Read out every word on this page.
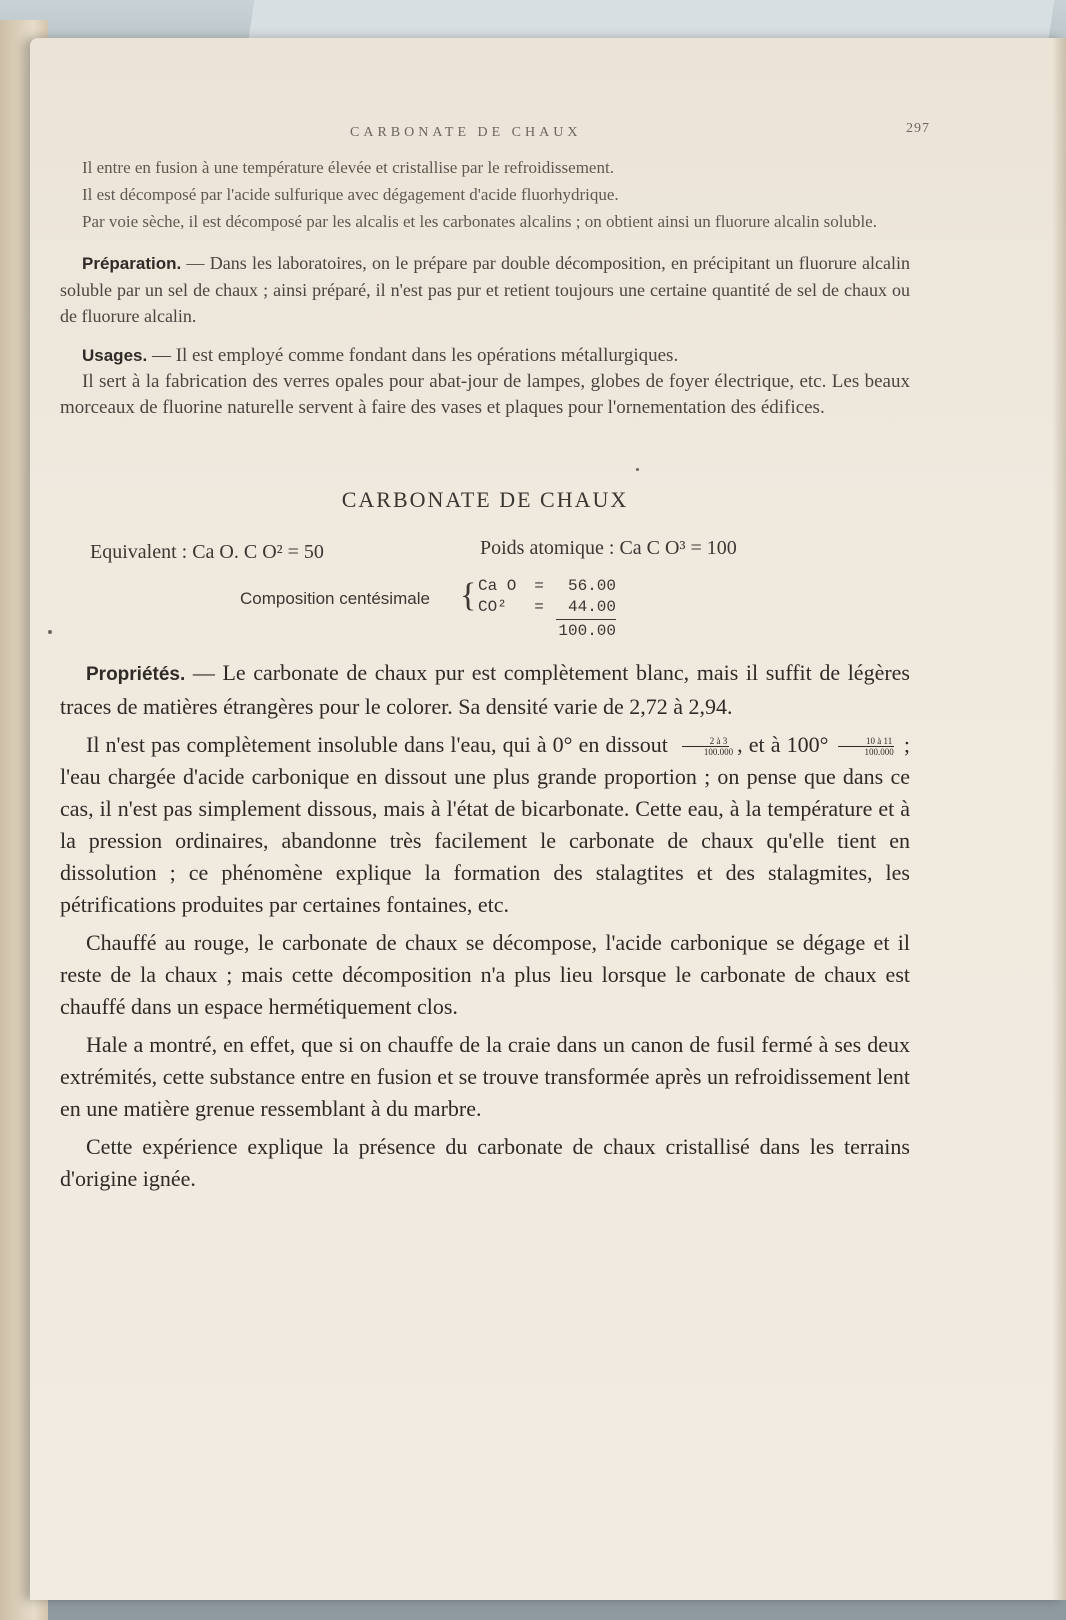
CARBONATE DE CHAUX	297

Il entre en fusion à une température élevée et cristallise par le refroidissement.

Il est décomposé par l'acide sulfurique avec dégagement d'acide fluorhydrique.

Par voie sèche, il est décomposé par les alcalis et les carbonates alcalins ; on obtient ainsi un fluorure alcalin soluble.

Préparation. — Dans les laboratoires, on le prépare par double décomposition, en précipitant un fluorure alcalin soluble par un sel de chaux ; ainsi préparé, il n'est pas pur et retient toujours une certaine quantité de sel de chaux ou de fluorure alcalin.

Usages. — Il est employé comme fondant dans les opérations métallurgiques.

Il sert à la fabrication des verres opales pour abat-jour de lampes, globes de foyer électrique, etc. Les beaux morceaux de fluorine naturelle servent à faire des vases et plaques pour l'ornementation des édifices.

CARBONATE DE CHAUX
Equivalent : Ca O. C O² = 50	Poids atomique : Ca C O³ = 100
Composition centésimale { Ca O	=	56.00
CO²	=	44.00
100.00

Propriétés. — Le carbonate de chaux pur est complètement blanc, mais il suffit de légères traces de matières étrangères pour le colorer. Sa densité varie de 2,72 à 2,94.

Il n'est pas complètement insoluble dans l'eau, qui à 0° en dissout $\frac{2 à 3}{100.000}$ , et à $100^\circ \frac{10 à 11}{100.000}$ ; l'eau chargée d'acide carbonique en dissout une plus grande proportion ; on pense que dans ce cas, il n'est pas simplement dissous, mais à l'état de bicarbonate. Cette eau, à la température et à la pression ordinaires, abandonne très facilement le carbonate de chaux qu'elle tient en dissolution ; ce phénomène explique la formation des stalagtites et des stalagmites, les pétrifications produites par certaines fontaines, etc.

Chauffé au rouge, le carbonate de chaux se décompose, l'acide carbonique se dégage et il reste de la chaux ; mais cette décomposition n'a plus lieu lorsque le carbonate de chaux est chauffé dans un espace hermétiquement clos.

Hale a montré, en effet, que si on chauffe de la craie dans un canon de fusil fermé à ses deux extrémités, cette substance entre en fusion et se trouve transformée après un refroidissement lent en une matière grenue ressemblant à du marbre.

Cette expérience explique la présence du carbonate de chaux cristallisé dans les terrains d'origine ignée.
